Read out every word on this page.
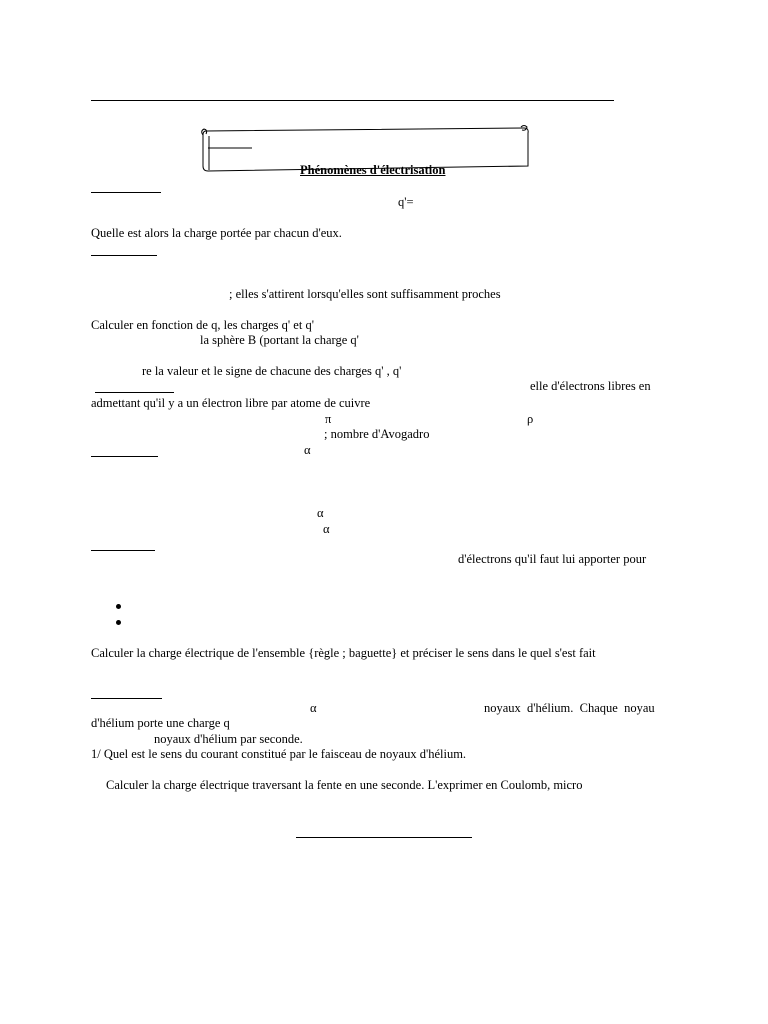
Phénomènes d'électrisation
q'=
Quelle est alors la charge portée par chacun d'eux.
; elles s'attirent lorsqu'elles sont suffisamment proches
Calculer en fonction de q, les charges q' et q'
la sphère B (portant la charge q'
re la valeur et le signe de chacune des charges q' , q'
elle d'électrons libres en
admettant qu'il y a un électron libre par atome de cuivre
π	ρ
; nombre d'Avogadro
α
α
α
d'électrons qu'il faut lui apporter pour
Calculer la charge électrique de l'ensemble {règle ; baguette} et préciser le sens dans le quel s'est fait
α	noyaux  d'hélium.  Chaque  noyau
d'hélium porte une charge q
noyaux d'hélium par seconde.
1/ Quel est le sens du courant constitué par le faisceau de noyaux d'hélium.
Calculer la charge électrique traversant la fente en une seconde. L'exprimer en Coulomb, micro
